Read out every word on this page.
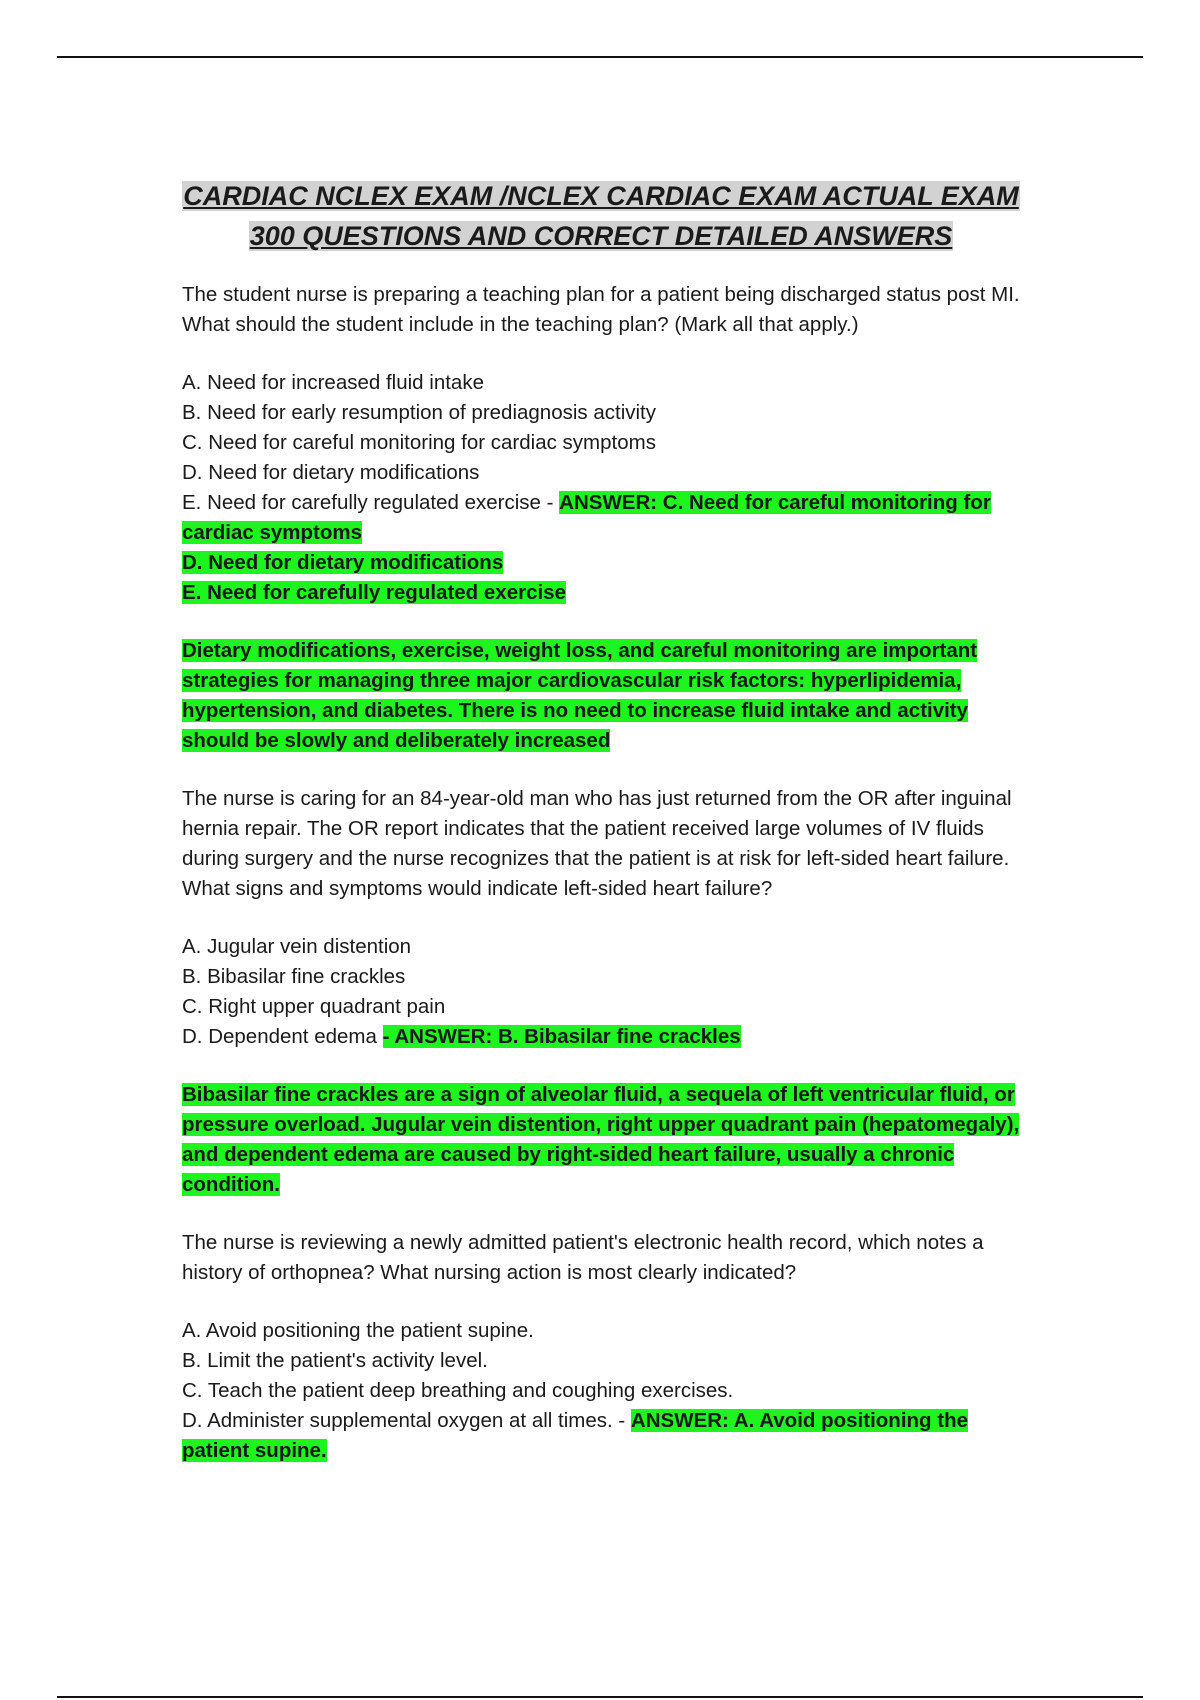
CARDIAC NCLEX EXAM /NCLEX CARDIAC EXAM ACTUAL EXAM
300 QUESTIONS AND CORRECT DETAILED ANSWERS
The student nurse is preparing a teaching plan for a patient being discharged status post MI. What should the student include in the teaching plan? (Mark all that apply.)
A. Need for increased fluid intake
B. Need for early resumption of prediagnosis activity
C. Need for careful monitoring for cardiac symptoms
D. Need for dietary modifications
E. Need for carefully regulated exercise - ANSWER: C. Need for careful monitoring for cardiac symptoms
D. Need for dietary modifications
E. Need for carefully regulated exercise
Dietary modifications, exercise, weight loss, and careful monitoring are important strategies for managing three major cardiovascular risk factors: hyperlipidemia, hypertension, and diabetes. There is no need to increase fluid intake and activity should be slowly and deliberately increased
The nurse is caring for an 84-year-old man who has just returned from the OR after inguinal hernia repair. The OR report indicates that the patient received large volumes of IV fluids during surgery and the nurse recognizes that the patient is at risk for left-sided heart failure. What signs and symptoms would indicate left-sided heart failure?
A. Jugular vein distention
B. Bibasilar fine crackles
C. Right upper quadrant pain
D. Dependent edema - ANSWER: B. Bibasilar fine crackles
Bibasilar fine crackles are a sign of alveolar fluid, a sequela of left ventricular fluid, or pressure overload. Jugular vein distention, right upper quadrant pain (hepatomegaly), and dependent edema are caused by right-sided heart failure, usually a chronic condition.
The nurse is reviewing a newly admitted patient's electronic health record, which notes a history of orthopnea? What nursing action is most clearly indicated?
A. Avoid positioning the patient supine.
B. Limit the patient's activity level.
C. Teach the patient deep breathing and coughing exercises.
D. Administer supplemental oxygen at all times. - ANSWER: A. Avoid positioning the patient supine.
